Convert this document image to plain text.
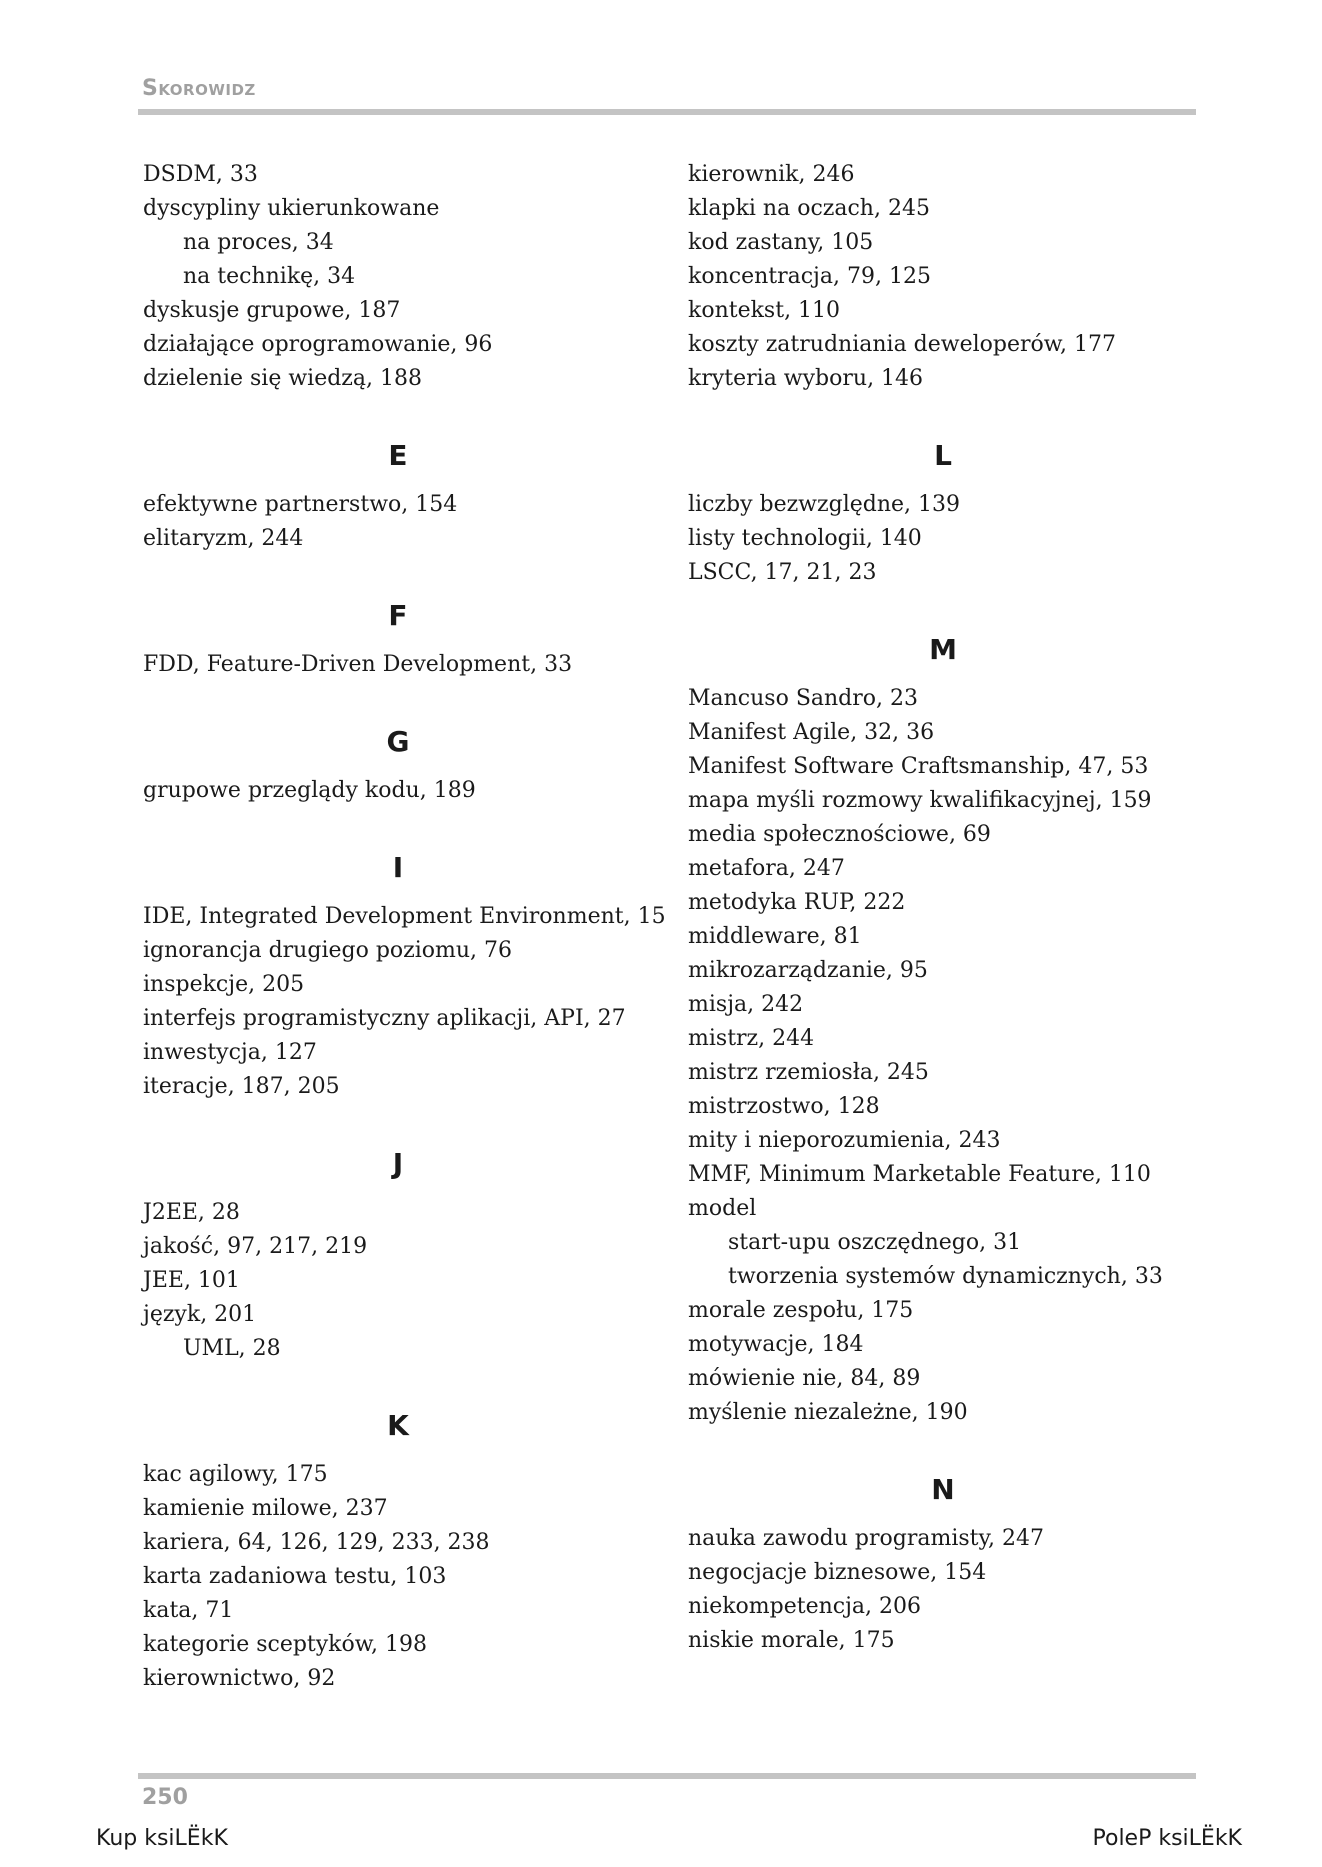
Skorowidz
DSDM, 33
dyscypliny ukierunkowane
na proces, 34
na technikę, 34
dyskusje grupowe, 187
działające oprogramowanie, 96
dzielenie się wiedzą, 188
E
efektywne partnerstwo, 154
elitaryzm, 244
F
FDD, Feature-Driven Development, 33
G
grupowe przeglądy kodu, 189
I
IDE, Integrated Development Environment, 15
ignorancja drugiego poziomu, 76
inspekcje, 205
interfejs programistyczny aplikacji, API, 27
inwestycja, 127
iteracje, 187, 205
J
J2EE, 28
jakość, 97, 217, 219
JEE, 101
język, 201
UML, 28
K
kac agilowy, 175
kamienie milowe, 237
kariera, 64, 126, 129, 233, 238
karta zadaniowa testu, 103
kata, 71
kategorie sceptyków, 198
kierownictwo, 92
kierownik, 246
klapki na oczach, 245
kod zastany, 105
koncentracja, 79, 125
kontekst, 110
koszty zatrudniania deweloperów, 177
kryteria wyboru, 146
L
liczby bezwzględne, 139
listy technologii, 140
LSCC, 17, 21, 23
M
Mancuso Sandro, 23
Manifest Agile, 32, 36
Manifest Software Craftsmanship, 47, 53
mapa myśli rozmowy kwalifikacyjnej, 159
media społecznościowe, 69
metafora, 247
metodyka RUP, 222
middleware, 81
mikrozarządzanie, 95
misja, 242
mistrz, 244
mistrz rzemiosła, 245
mistrzostwo, 128
mity i nieporozumienia, 243
MMF, Minimum Marketable Feature, 110
model
start-upu oszczędnego, 31
tworzenia systemów dynamicznych, 33
morale zespołu, 175
motywacje, 184
mówienie nie, 84, 89
myślenie niezależne, 190
N
nauka zawodu programisty, 247
negocjacje biznesowe, 154
niekompetencja, 206
niskie morale, 175
250
Kup ksiLЁkK	PoleP ksiLЁkK
